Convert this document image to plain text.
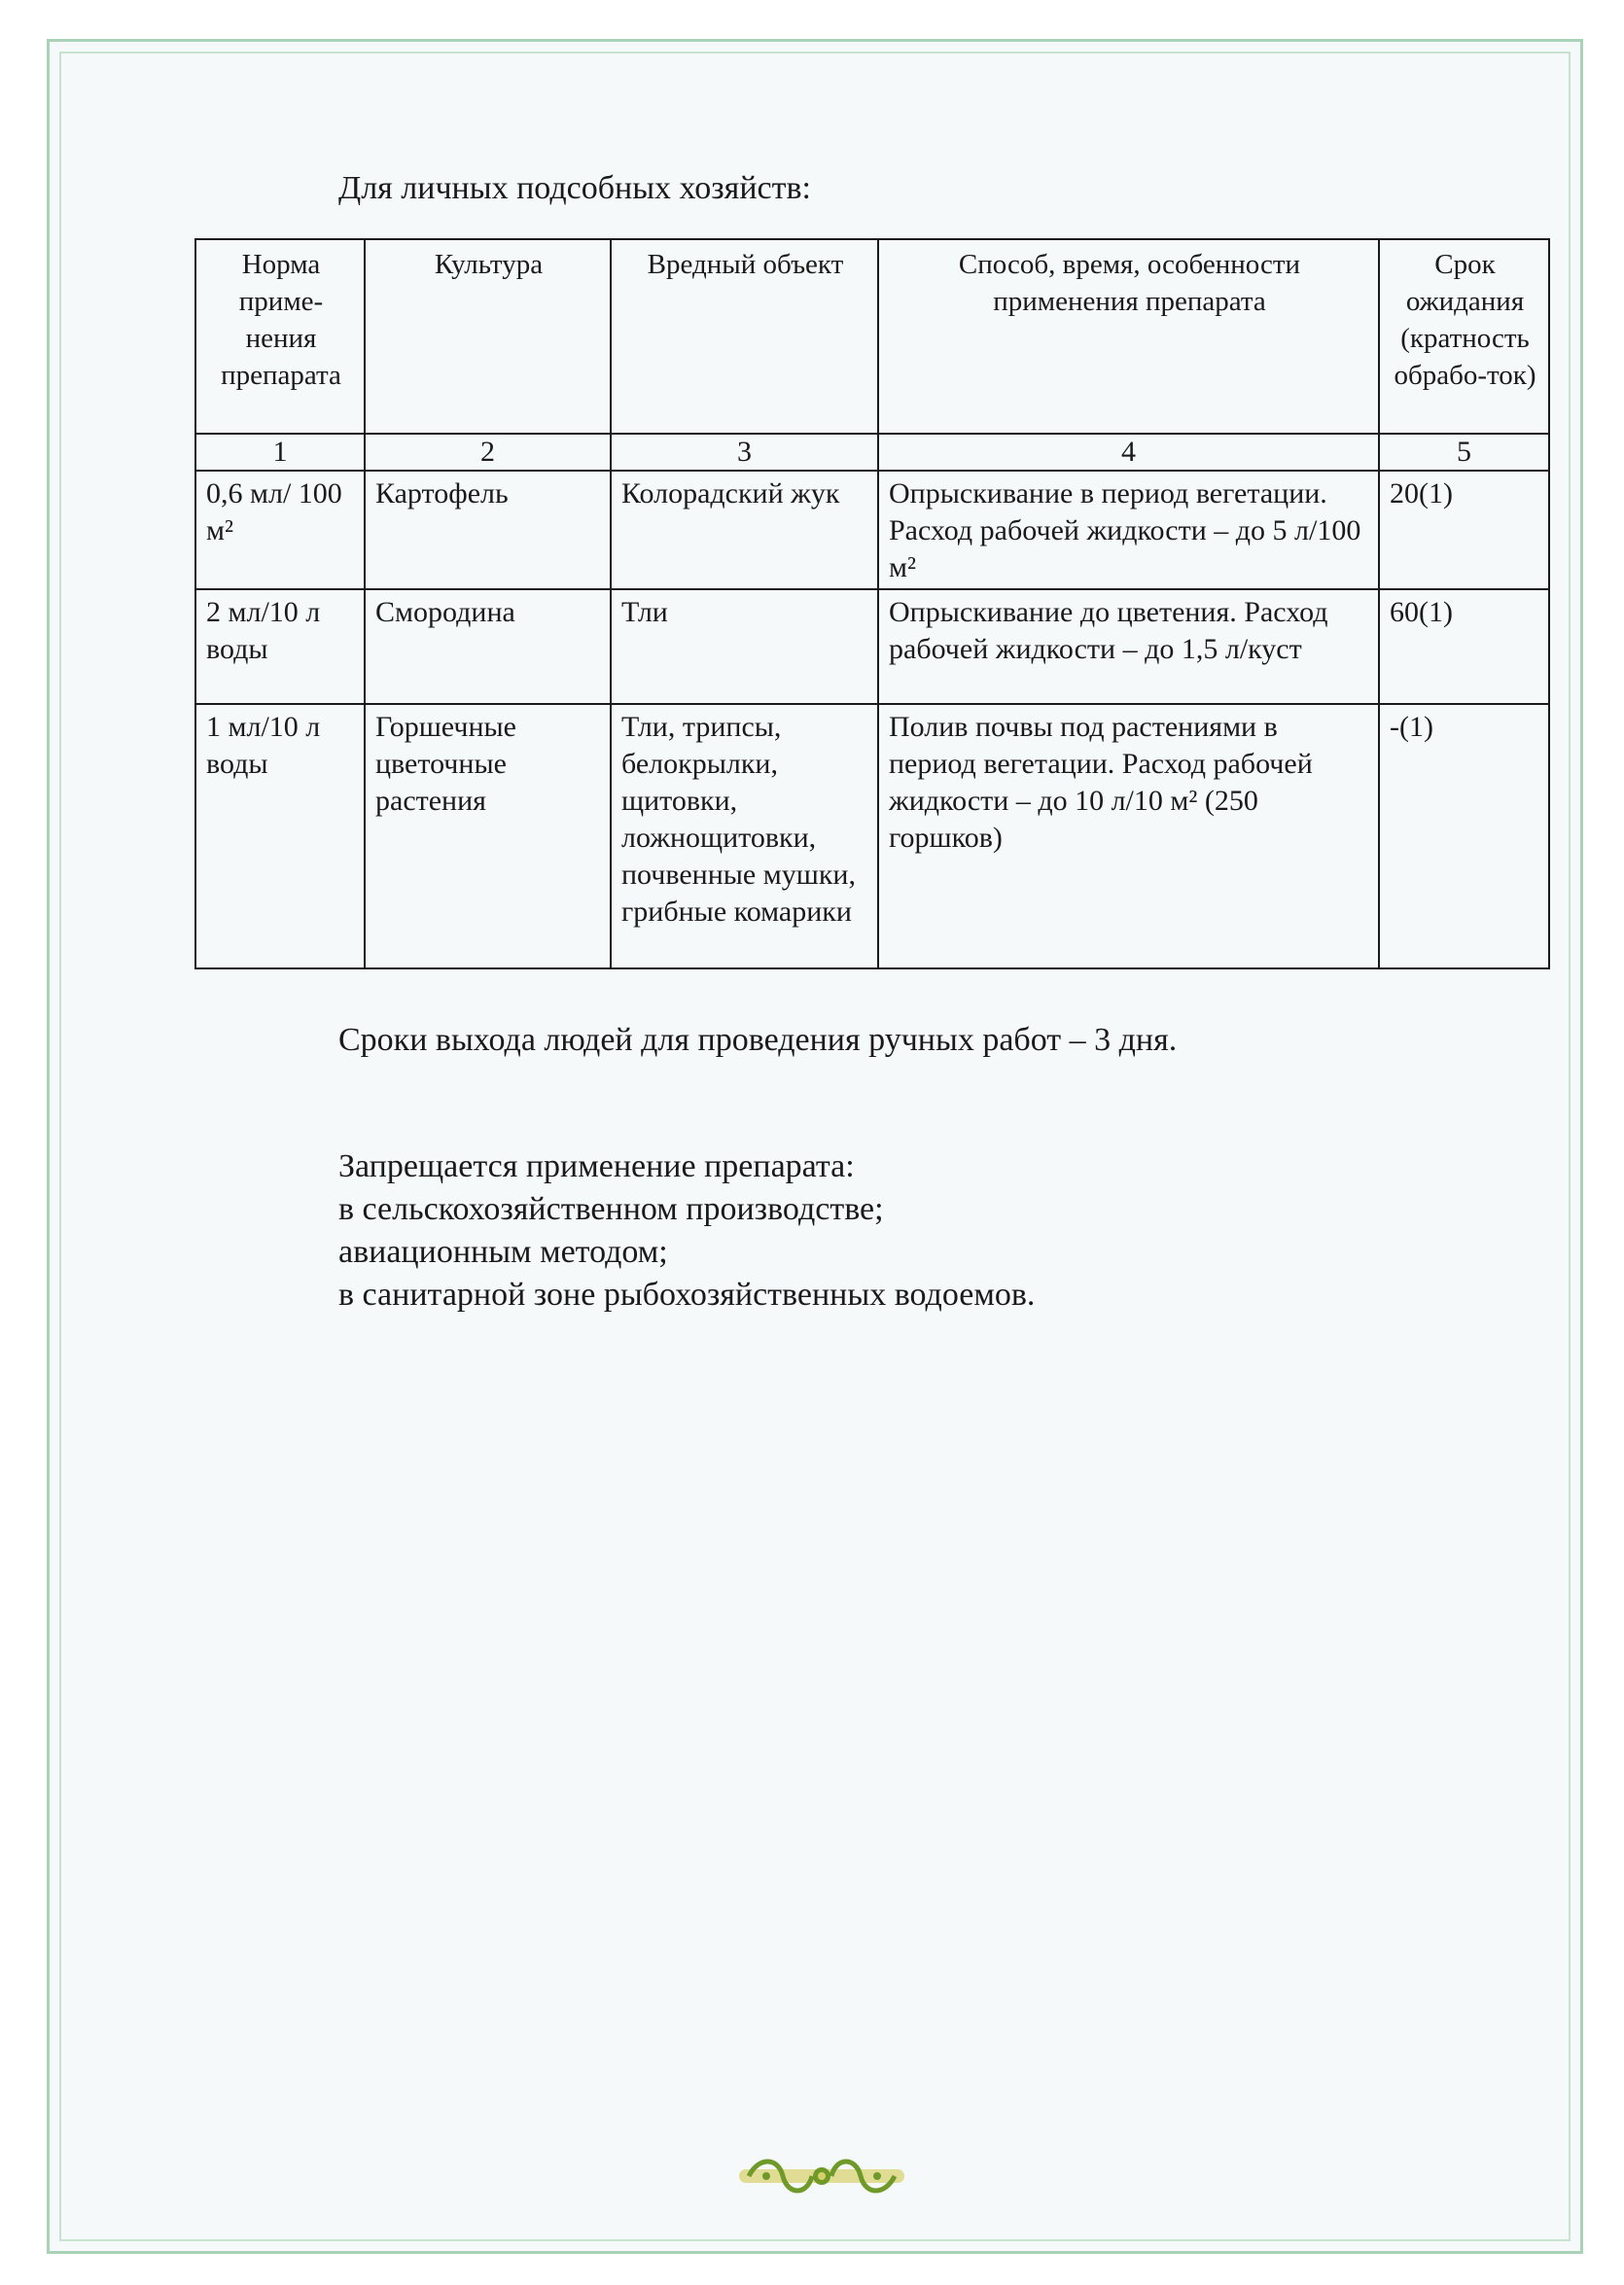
Для личных подсобных хозяйств:

Норма приме-нения препарата	Культура	Вредный объект	Способ, время, особенности применения препарата	Срок ожидания (кратность обрабо-ток)
1	2	3	4	5
0,6 мл/ 100 м²	Картофель	Колорадский жук	Опрыскивание в период вегетации. Расход рабочей жидкости – до 5 л/100 м²	20(1)
2 мл/10 л воды	Смородина	Тли	Опрыскивание до цветения. Расход рабочей жидкости – до 1,5 л/куст	60(1)
1 мл/10 л воды	Горшечные цветочные растения	Тли, трипсы, белокрылки, щитовки, ложнощитовки, почвенные мушки, грибные комарики	Полив почвы под растениями в период вегетации. Расход рабочей жидкости – до 10 л/10 м² (250 горшков)	-(1)

Сроки выхода людей для проведения ручных работ – 3 дня.

Запрещается применение препарата:
в сельскохозяйственном производстве;
авиационным методом;
в санитарной зоне рыбохозяйственных водоемов.
